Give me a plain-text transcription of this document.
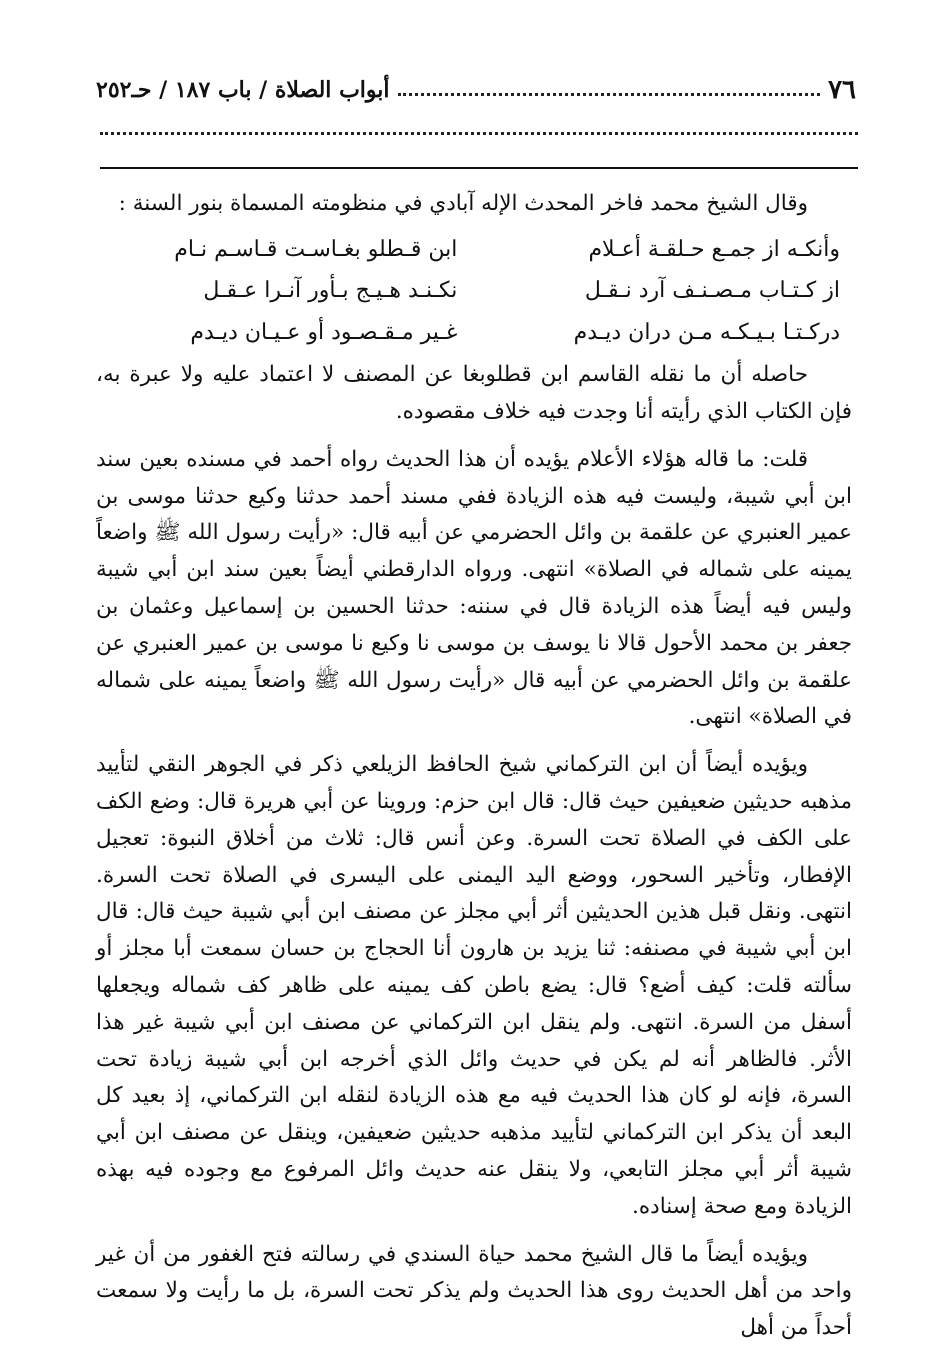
٧٦
أبواب الصلاة / باب ١٨٧ / حـ٢٥٢

وقال الشيخ محمد فاخر المحدث الإله آبادي في منظومته المسماة بنور السنة :

وأنكـه از جمـع حـلقـة أعـلام
ابن قـطلو بغـاسـت قـاسـم نـام
از كـتـاب مـصـنـف آرد نـقـل
نكـنـد هـيـج بـأور آنـرا عـقـل
دركـتـا بـيـكـه مـن دران ديـدم
غـير مـقـصـود أو عـيـان ديـدم

حاصله أن ما نقله القاسم ابن قطلوبغا عن المصنف لا اعتماد عليه ولا عبرة به، فإن الكتاب الذي رأيته أنا وجدت فيه خلاف مقصوده.

قلت: ما قاله هؤلاء الأعلام يؤيده أن هذا الحديث رواه أحمد في مسنده بعين سند ابن أبي شيبة، وليست فيه هذه الزيادة ففي مسند أحمد حدثنا وكيع حدثنا موسى بن عمير العنبري عن علقمة بن وائل الحضرمي عن أبيه قال: «رأيت رسول الله ﷺ واضعاً يمينه على شماله في الصلاة» انتهى. ورواه الدارقطني أيضاً بعين سند ابن أبي شيبة وليس فيه أيضاً هذه الزيادة قال في سننه: حدثنا الحسين بن إسماعيل وعثمان بن جعفر بن محمد الأحول قالا نا يوسف بن موسى نا وكيع نا موسى بن عمير العنبري عن علقمة بن وائل الحضرمي عن أبيه قال «رأيت رسول الله ﷺ واضعاً يمينه على شماله في الصلاة» انتهى.

ويؤيده أيضاً أن ابن التركماني شيخ الحافظ الزيلعي ذكر في الجوهر النقي لتأييد مذهبه حديثين ضعيفين حيث قال: قال ابن حزم: وروينا عن أبي هريرة قال: وضع الكف على الكف في الصلاة تحت السرة. وعن أنس قال: ثلاث من أخلاق النبوة: تعجيل الإفطار، وتأخير السحور، ووضع اليد اليمنى على اليسرى في الصلاة تحت السرة. انتهى. ونقل قبل هذين الحديثين أثر أبي مجلز عن مصنف ابن أبي شيبة حيث قال: قال ابن أبي شيبة في مصنفه: ثنا يزيد بن هارون أنا الحجاج بن حسان سمعت أبا مجلز أو سألته قلت: كيف أضع؟ قال: يضع باطن كف يمينه على ظاهر كف شماله ويجعلها أسفل من السرة. انتهى. ولم ينقل ابن التركماني عن مصنف ابن أبي شيبة غير هذا الأثر. فالظاهر أنه لم يكن في حديث وائل الذي أخرجه ابن أبي شيبة زيادة تحت السرة، فإنه لو كان هذا الحديث فيه مع هذه الزيادة لنقله ابن التركماني، إذ بعيد كل البعد أن يذكر ابن التركماني لتأييد مذهبه حديثين ضعيفين، وينقل عن مصنف ابن أبي شيبة أثر أبي مجلز التابعي، ولا ينقل عنه حديث وائل المرفوع مع وجوده فيه بهذه الزيادة ومع صحة إسناده.

ويؤيده أيضاً ما قال الشيخ محمد حياة السندي في رسالته فتح الغفور من أن غير واحد من أهل الحديث روى هذا الحديث ولم يذكر تحت السرة، بل ما رأيت ولا سمعت أحداً من أهل
